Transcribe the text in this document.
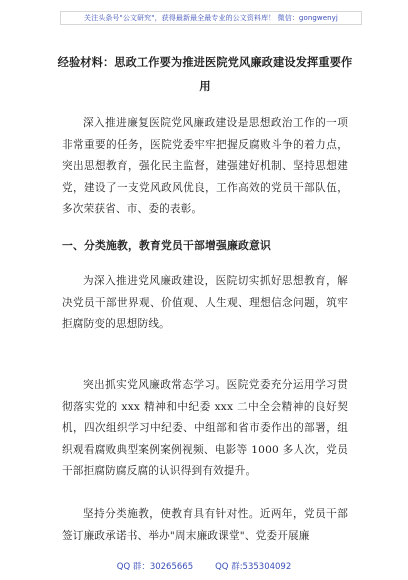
关注头条号"公文研究"，获得最新最全最专业的公文资料库！ 微信：gongwenyj
经验材料：思政工作要为推进医院党风廉政建设发挥重要作用
深入推进廉复医院党风廉政建设是思想政治工作的一项非常重要的任务，医院党委牢牢把握反腐败斗争的着力点，突出思想教育，强化民主监督，建强建好机制、坚持思想建党，建设了一支党风政风优良，工作高效的党员干部队伍，多次荣获省、市、委的表彰。
一、分类施教，教育党员干部增强廉政意识
为深入推进党风廉政建设，医院切实抓好思想教育，解决党员干部世界观、价值观、人生观、理想信念问题，筑牢拒腐防变的思想防线。
突出抓实党风廉政常态学习。医院党委充分运用学习贯彻落实党的 xxx 精神和中纪委 xxx 二中全会精神的良好契机，四次组织学习中纪委、中组部和省市委作出的部署，组织观看腐败典型案例案例视频、电影等 1000 多人次，党员干部拒腐防腐反腐的认识得到有效提升。
坚持分类施教，使教育具有针对性。近两年，党员干部签订廉政承诺书、举办"周末廉政课堂"、党委开展廉
QQ 群：30265665	QQ 群:535304092
